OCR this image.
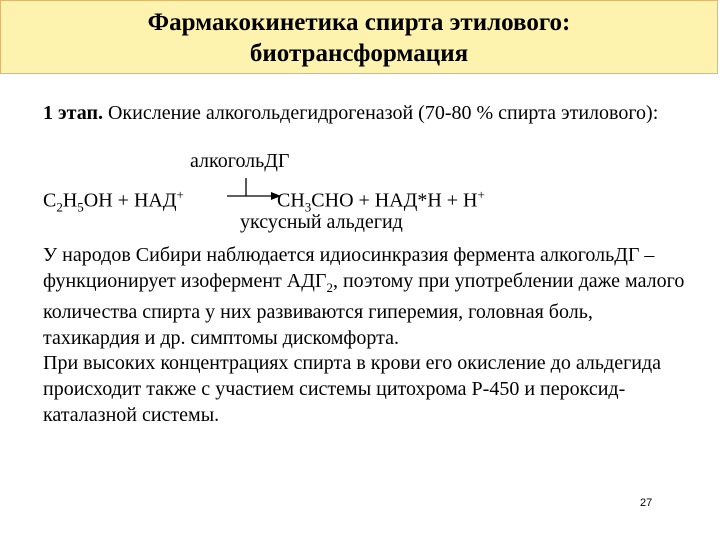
Фармакокинетика спирта этилового:
биотрансформация
1 этап. Окисление алкогольдегидрогеназой (70-80 % спирта этилового):
алкогольДГ
$C_2H_5OH + НАД^+$	$CH_3CHO + НАД*Н + Н^+$
уксусный альдегид

У народов Сибири наблюдается идиосинкразия фермента алкогольДГ – функционирует изофермент $АДГ_2$, поэтому при употреблении даже малого количества спирта у них развиваются гиперемия, головная боль, тахикардия и др. симптомы дискомфорта.

При высоких концентрациях спирта в крови его окисление до альдегида происходит также с участием системы цитохрома Р-450 и пероксид-каталазной системы.

27
